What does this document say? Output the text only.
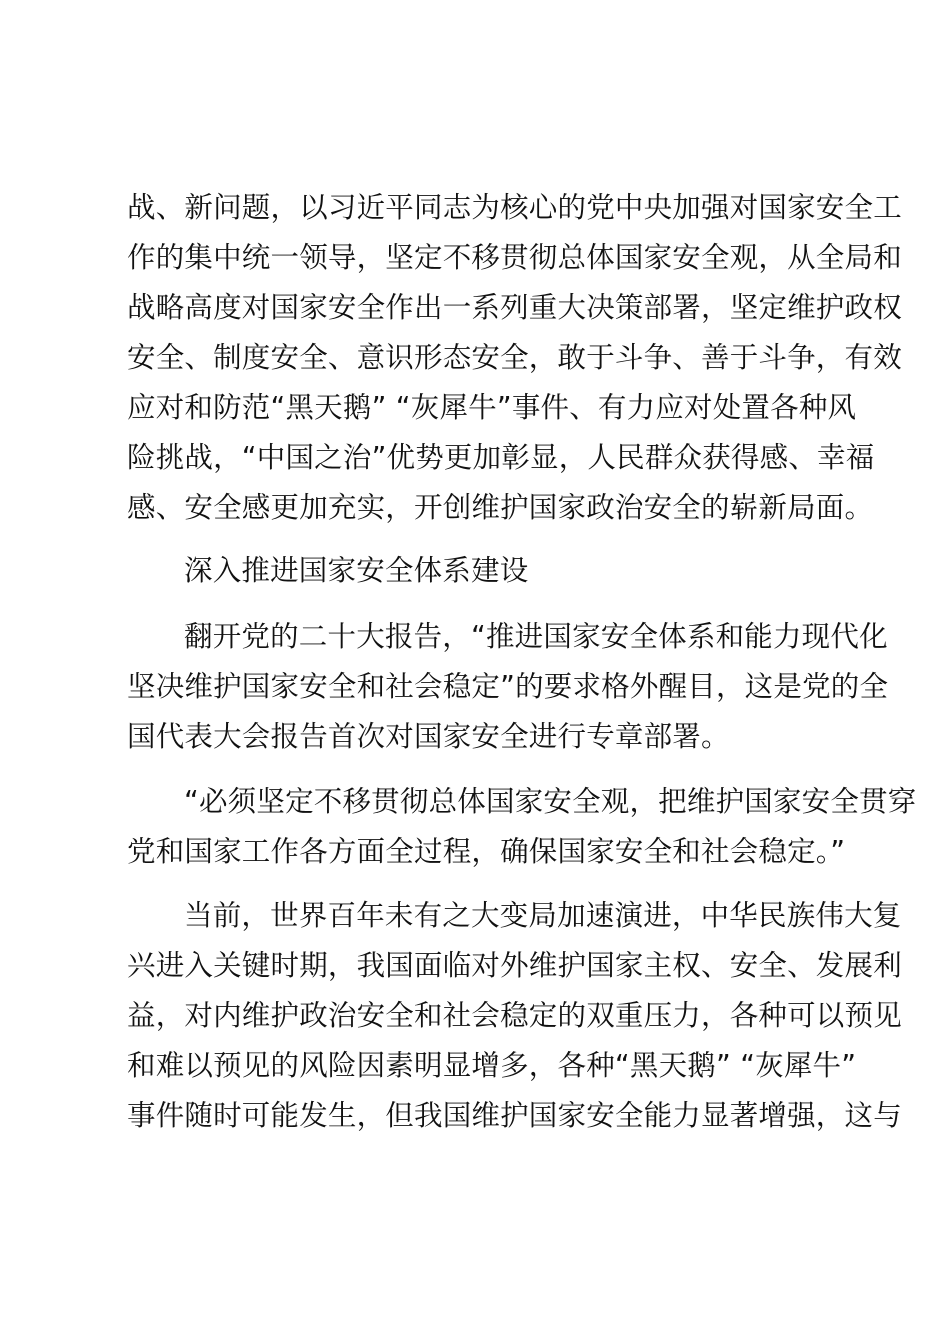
战、新问题，以习近平同志为核心的党中央加强对国家安全工
作的集中统一领导，坚定不移贯彻总体国家安全观，从全局和
战略高度对国家安全作出一系列重大决策部署，坚定维护政权
安全、制度安全、意识形态安全，敢于斗争、善于斗争，有效
应对和防范“黑天鹅” “灰犀牛”事件、有力应对处置各种风
险挑战，“中国之治”优势更加彰显，人民群众获得感、幸福
感、安全感更加充实，开创维护国家政治安全的崭新局面。
深入推进国家安全体系建设
翻开党的二十大报告，“推进国家安全体系和能力现代化
坚决维护国家安全和社会稳定”的要求格外醒目，这是党的全
国代表大会报告首次对国家安全进行专章部署。
“必须坚定不移贯彻总体国家安全观，把维护国家安全贯穿
党和国家工作各方面全过程，确保国家安全和社会稳定。”
当前，世界百年未有之大变局加速演进，中华民族伟大复
兴进入关键时期，我国面临对外维护国家主权、安全、发展利
益，对内维护政治安全和社会稳定的双重压力，各种可以预见
和难以预见的风险因素明显增多，各种“黑天鹅” “灰犀牛”
事件随时可能发生，但我国维护国家安全能力显著增强，这与
